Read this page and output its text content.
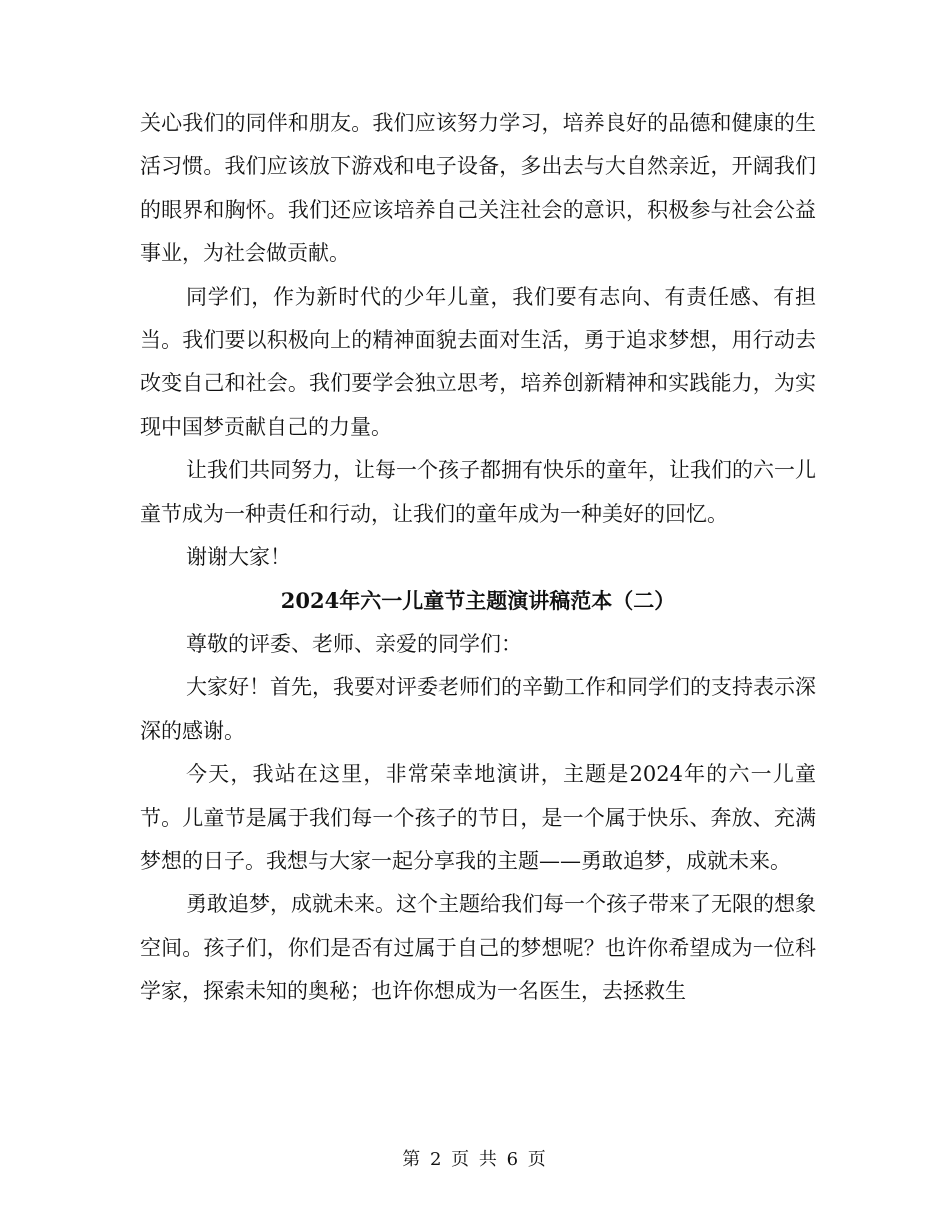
关心我们的同伴和朋友。我们应该努力学习，培养良好的品德和健康的生活习惯。我们应该放下游戏和电子设备，多出去与大自然亲近，开阔我们的眼界和胸怀。我们还应该培养自己关注社会的意识，积极参与社会公益事业，为社会做贡献。

同学们，作为新时代的少年儿童，我们要有志向、有责任感、有担当。我们要以积极向上的精神面貌去面对生活，勇于追求梦想，用行动去改变自己和社会。我们要学会独立思考，培养创新精神和实践能力，为实现中国梦贡献自己的力量。

让我们共同努力，让每一个孩子都拥有快乐的童年，让我们的六一儿童节成为一种责任和行动，让我们的童年成为一种美好的回忆。

谢谢大家！

2024年六一儿童节主题演讲稿范本（二）

尊敬的评委、老师、亲爱的同学们：

大家好！首先，我要对评委老师们的辛勤工作和同学们的支持表示深深的感谢。

今天，我站在这里，非常荣幸地演讲，主题是2024年的六一儿童节。儿童节是属于我们每一个孩子的节日，是一个属于快乐、奔放、充满梦想的日子。我想与大家一起分享我的主题——勇敢追梦，成就未来。

勇敢追梦，成就未来。这个主题给我们每一个孩子带来了无限的想象空间。孩子们，你们是否有过属于自己的梦想呢？也许你希望成为一位科学家，探索未知的奥秘；也许你想成为一名医生，去拯救生

第 2 页 共 6 页
